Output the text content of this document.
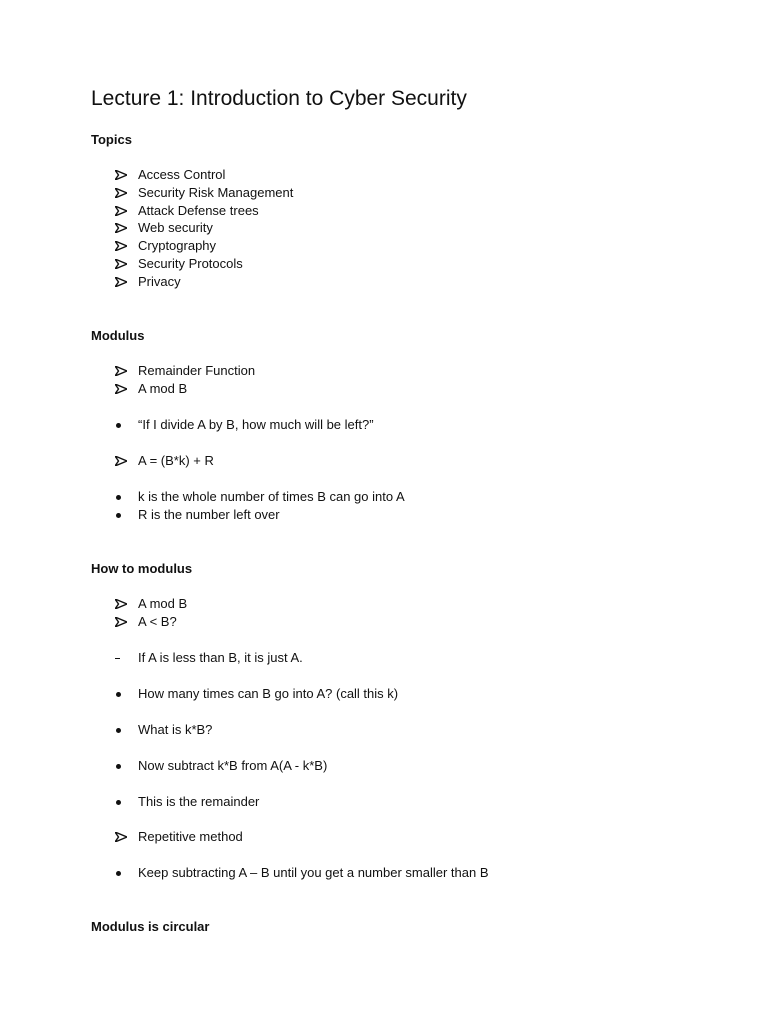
Lecture 1: Introduction to Cyber Security
Topics
Access Control
Security Risk Management
Attack Defense trees
Web security
Cryptography
Security Protocols
Privacy
Modulus
Remainder Function
A mod B
“If I divide A by B, how much will be left?”
A = (B*k) + R
k is the whole number of times B can go into A
R is the number left over
How to modulus
A mod B
A < B?
If A is less than B, it is just A.
How many times can B go into A? (call this k)
What is k*B?
Now subtract k*B from A(A - k*B)
This is the remainder
Repetitive method
Keep subtracting A – B until you get a number smaller than B
Modulus is circular
